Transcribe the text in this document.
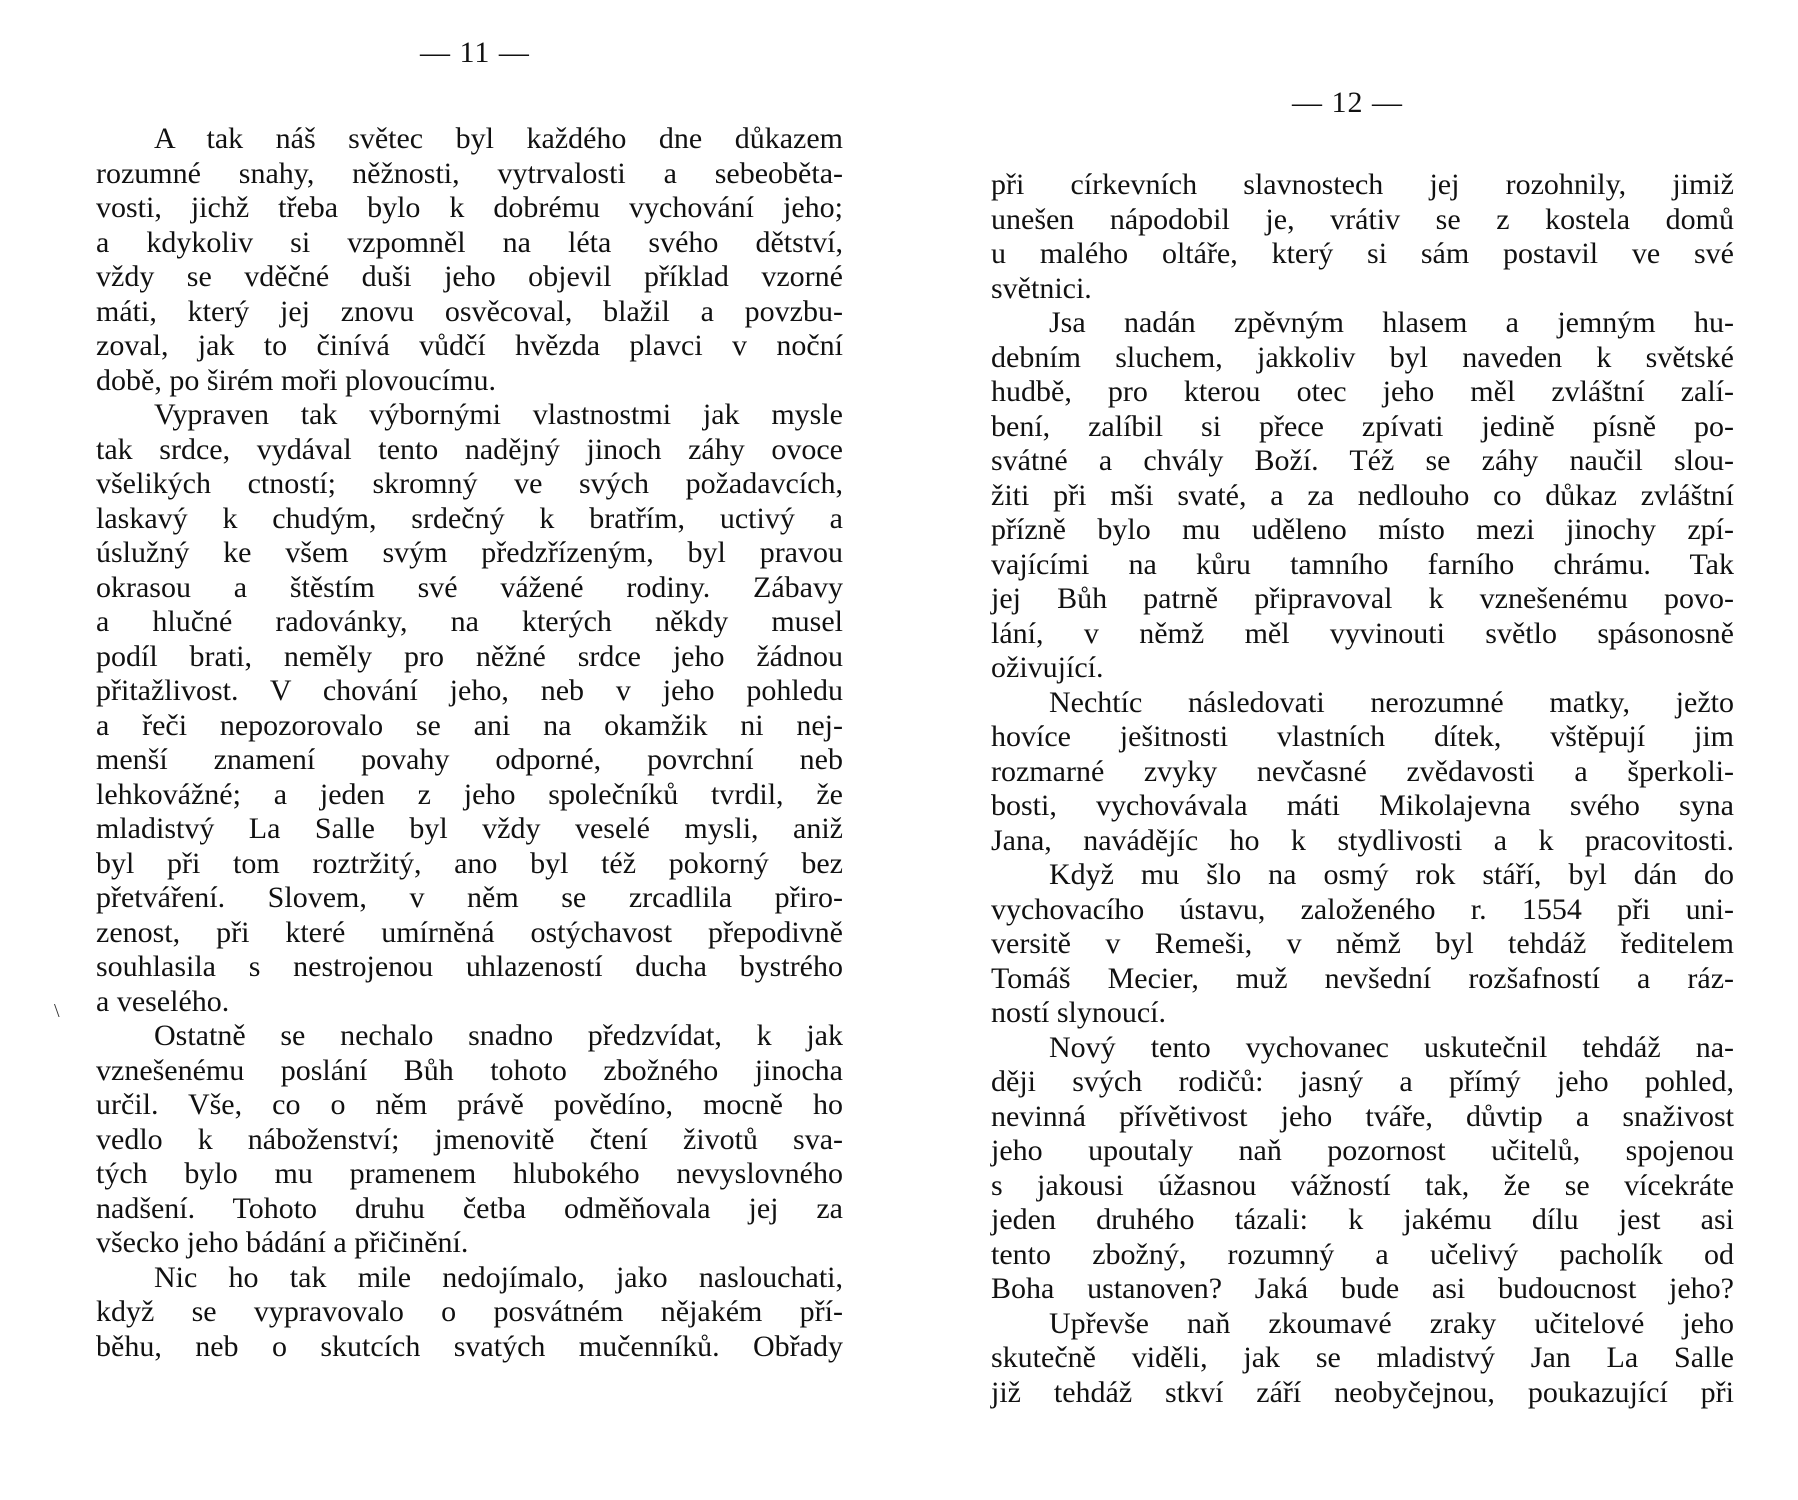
— 11 —
\
A tak náš světec byl každého dne důkazem
rozumné snahy, něžnosti, vytrvalosti a sebeoběta-
vosti, jichž třeba bylo k dobrému vychování jeho;
a kdykoliv si vzpomněl na léta svého dětství,
vždy se vděčné duši jeho objevil příklad vzorné
máti, který jej znovu osvěcoval, blažil a povzbu-
zoval, jak to činívá vůdčí hvězda plavci v noční
době, po širém moři plovoucímu.
Vypraven tak výbornými vlastnostmi jak mysle
tak srdce, vydával tento nadějný jinoch záhy ovoce
všelikých ctností; skromný ve svých požadavcích,
laskavý k chudým, srdečný k bratřím, uctivý a
úslužný ke všem svým předzřízeným, byl pravou
okrasou a štěstím své vážené rodiny. Zábavy
a hlučné radovánky, na kterých někdy musel
podíl brati, neměly pro něžné srdce jeho žádnou
přitažlivost. V chování jeho, neb v jeho pohledu
a řeči nepozorovalo se ani na okamžik ni nej-
menší znamení povahy odporné, povrchní neb
lehkovážné; a jeden z jeho společníků tvrdil, že
mladistvý La Salle byl vždy veselé mysli, aniž
byl při tom roztržitý, ano byl též pokorný bez
přetváření. Slovem, v něm se zrcadlila přiro-
zenost, při které umírněná ostýchavost přepodivně
souhlasila s nestrojenou uhlazeností ducha bystrého
a veselého.
Ostatně se nechalo snadno předzvídat, k jak
vznešenému poslání Bůh tohoto zbožného jinocha
určil. Vše, co o něm právě povědíno, mocně ho
vedlo k náboženství; jmenovitě čtení životů sva-
tých bylo mu pramenem hlubokého nevyslovného
nadšení. Tohoto druhu četba odměňovala jej za
všecko jeho bádání a přičinění.
Nic ho tak mile nedojímalo, jako naslouchati,
když se vypravovalo o posvátném nějakém pří-
běhu, neb o skutcích svatých mučenníků. Obřady
— 12 —
při církevních slavnostech jej rozohnily, jimiž
unešen nápodobil je, vrátiv se z kostela domů
u malého oltáře, který si sám postavil ve své
světnici.
Jsa nadán zpěvným hlasem a jemným hu-
debním sluchem, jakkoliv byl naveden k světské
hudbě, pro kterou otec jeho měl zvláštní zalí-
bení, zalíbil si přece zpívati jedině písně po-
svátné a chvály Boží. Též se záhy naučil slou-
žiti při mši svaté, a za nedlouho co důkaz zvláštní
přízně bylo mu uděleno místo mezi jinochy zpí-
vajícími na kůru tamního farního chrámu. Tak
jej Bůh patrně připravoval k vznešenému povo-
lání, v němž měl vyvinouti světlo spásonosně
oživující.
Nechtíc následovati nerozumné matky, ježto
hovíce ješitnosti vlastních dítek, vštěpují jim
rozmarné zvyky nevčasné zvědavosti a šperkoli-
bosti, vychovávala máti Mikolajevna svého syna
Jana, navádějíc ho k stydlivosti a k pracovitosti.
Když mu šlo na osmý rok stáří, byl dán do
vychovacího ústavu, založeného r. 1554 při uni-
versitě v Remeši, v němž byl tehdáž ředitelem
Tomáš Mecier, muž nevšední rozšafností a ráz-
ností slynoucí.
Nový tento vychovanec uskutečnil tehdáž na-
ději svých rodičů: jasný a přímý jeho pohled,
nevinná přívětivost jeho tváře, důvtip a snaživost
jeho upoutaly naň pozornost učitelů, spojenou
s jakousi úžasnou vážností tak, že se vícekráte
jeden druhého tázali: k jakému dílu jest asi
tento zbožný, rozumný a učelivý pacholík od
Boha ustanoven? Jaká bude asi budoucnost jeho?
Upřevše naň zkoumavé zraky učitelové jeho
skutečně viděli, jak se mladistvý Jan La Salle
již tehdáž stkví září neobyčejnou, poukazující při
